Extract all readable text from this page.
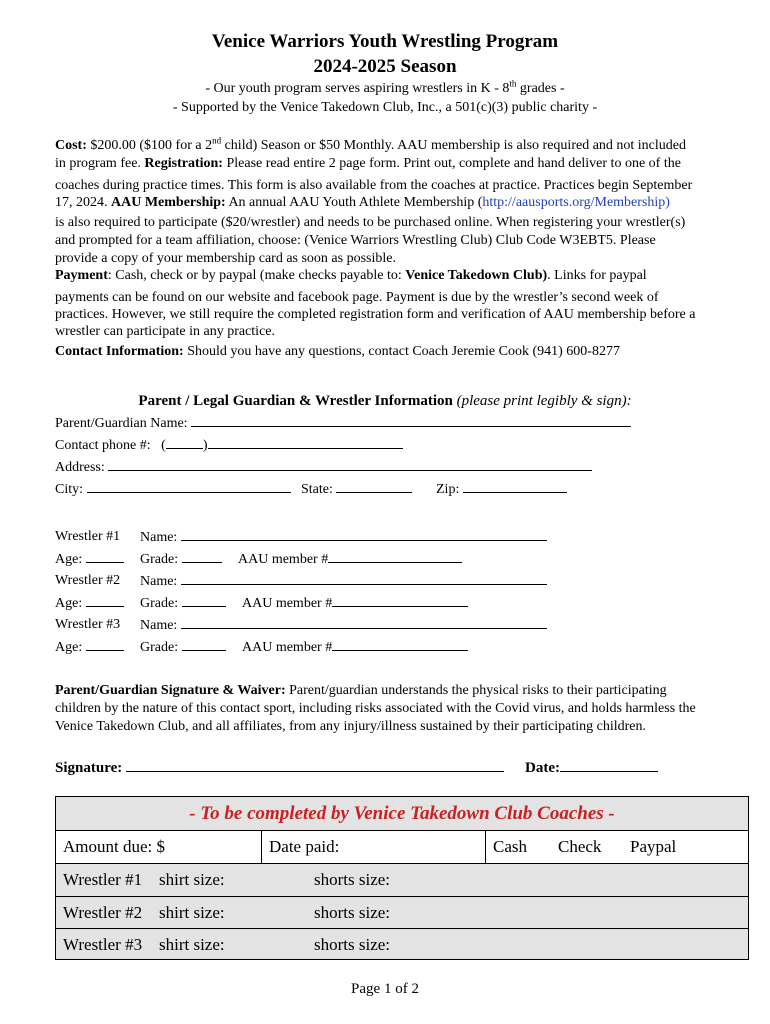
Venice Warriors Youth Wrestling Program
2024-2025 Season
- Our youth program serves aspiring wrestlers in K - 8th grades -
- Supported by the Venice Takedown Club, Inc., a 501(c)(3) public charity -
Cost: $200.00 ($100 for a 2nd child) Season or $50 Monthly. AAU membership is also required and not included
in program fee. Registration: Please read entire 2 page form. Print out, complete and hand deliver to one of the
coaches during practice times. This form is also available from the coaches at practice. Practices begin September
17, 2024. AAU Membership: An annual AAU Youth Athlete Membership (http://aausports.org/Membership)
is also required to participate ($20/wrestler) and needs to be purchased online. When registering your wrestler(s)
and prompted for a team affiliation, choose: (Venice Warriors Wrestling Club) Club Code W3EBT5. Please
provide a copy of your membership card as soon as possible.
Payment: Cash, check or by paypal (make checks payable to: Venice Takedown Club). Links for paypal
payments can be found on our website and facebook page. Payment is due by the wrestler’s second week of
practices. However, we still require the completed registration form and verification of AAU membership before a
wrestler can participate in any practice.
Contact Information: Should you have any questions, contact Coach Jeremie Cook (941) 600-8277
Parent / Legal Guardian & Wrestler Information (please print legibly & sign):
Parent/Guardian Name:
Contact phone #: (	)
Address:
City:	State:	Zip:
Wrestler #1 Name:
Age:	Grade:	AAU member #
Wrestler #2 Name:
Age:	Grade:	AAU member #
Wrestler #3 Name:
Age:	Grade:	AAU member #
Parent/Guardian Signature & Waiver: Parent/guardian understands the physical risks to their participating
children by the nature of this contact sport, including risks associated with the Covid virus, and holds harmless the
Venice Takedown Club, and all affiliates, from any injury/illness sustained by their participating children.
Signature:	Date:
- To be completed by Venice Takedown Club Coaches -
Amount due: $	Date paid:	Cash Check Paypal
Wrestler #1 shirt size:	shorts size:
Wrestler #2 shirt size:	shorts size:
Wrestler #3 shirt size:	shorts size:
Page 1 of 2
